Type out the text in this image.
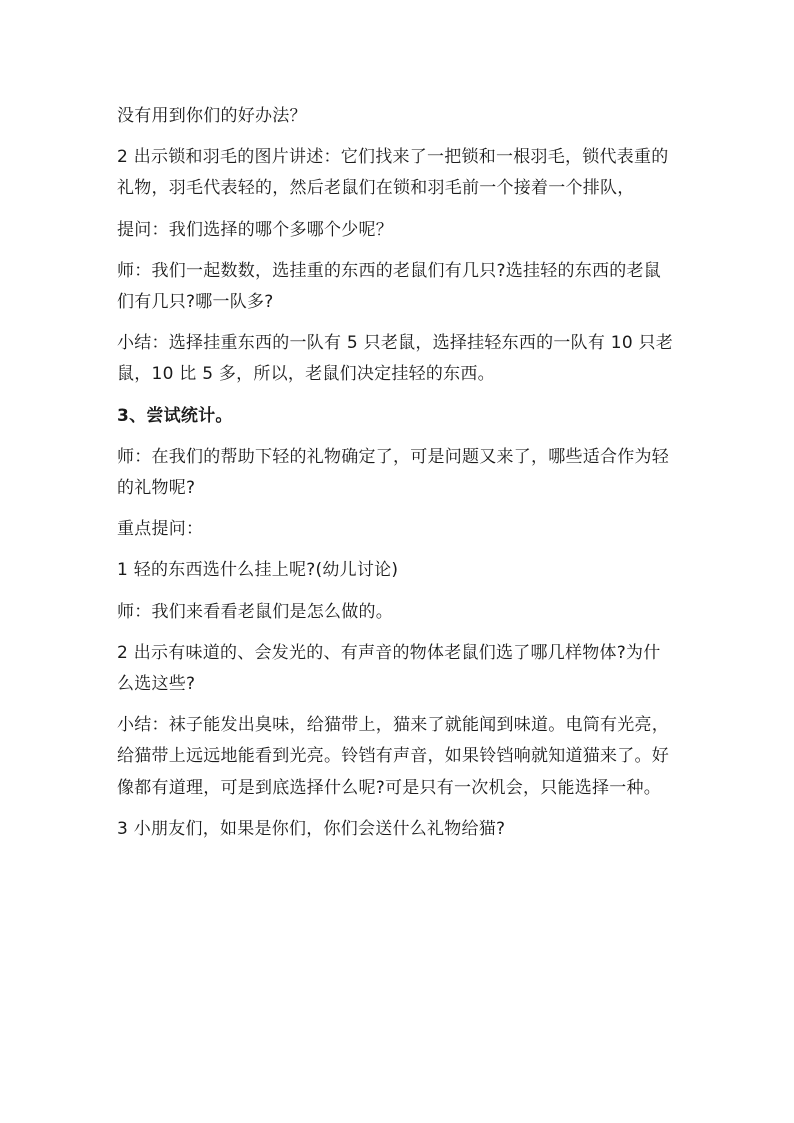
没有用到你们的好办法？

2 出示锁和羽毛的图片讲述：它们找来了一把锁和一根羽毛，锁代表重的礼物，羽毛代表轻的，然后老鼠们在锁和羽毛前一个接着一个排队，

提问：我们选择的哪个多哪个少呢？

师：我们一起数数，选挂重的东西的老鼠们有几只?选挂轻的东西的老鼠们有几只?哪一队多?

小结：选择挂重东西的一队有 5 只老鼠，选择挂轻东西的一队有 10 只老鼠，10 比 5 多，所以，老鼠们决定挂轻的东西。

3、尝试统计。

师：在我们的帮助下轻的礼物确定了，可是问题又来了，哪些适合作为轻的礼物呢?

重点提问：

1 轻的东西选什么挂上呢?(幼儿讨论)

师：我们来看看老鼠们是怎么做的。

2 出示有味道的、会发光的、有声音的物体老鼠们选了哪几样物体?为什么选这些?

小结：袜子能发出臭味，给猫带上，猫来了就能闻到味道。电筒有光亮，给猫带上远远地能看到光亮。铃铛有声音，如果铃铛响就知道猫来了。好像都有道理，可是到底选择什么呢?可是只有一次机会，只能选择一种。

3 小朋友们，如果是你们，你们会送什么礼物给猫?
